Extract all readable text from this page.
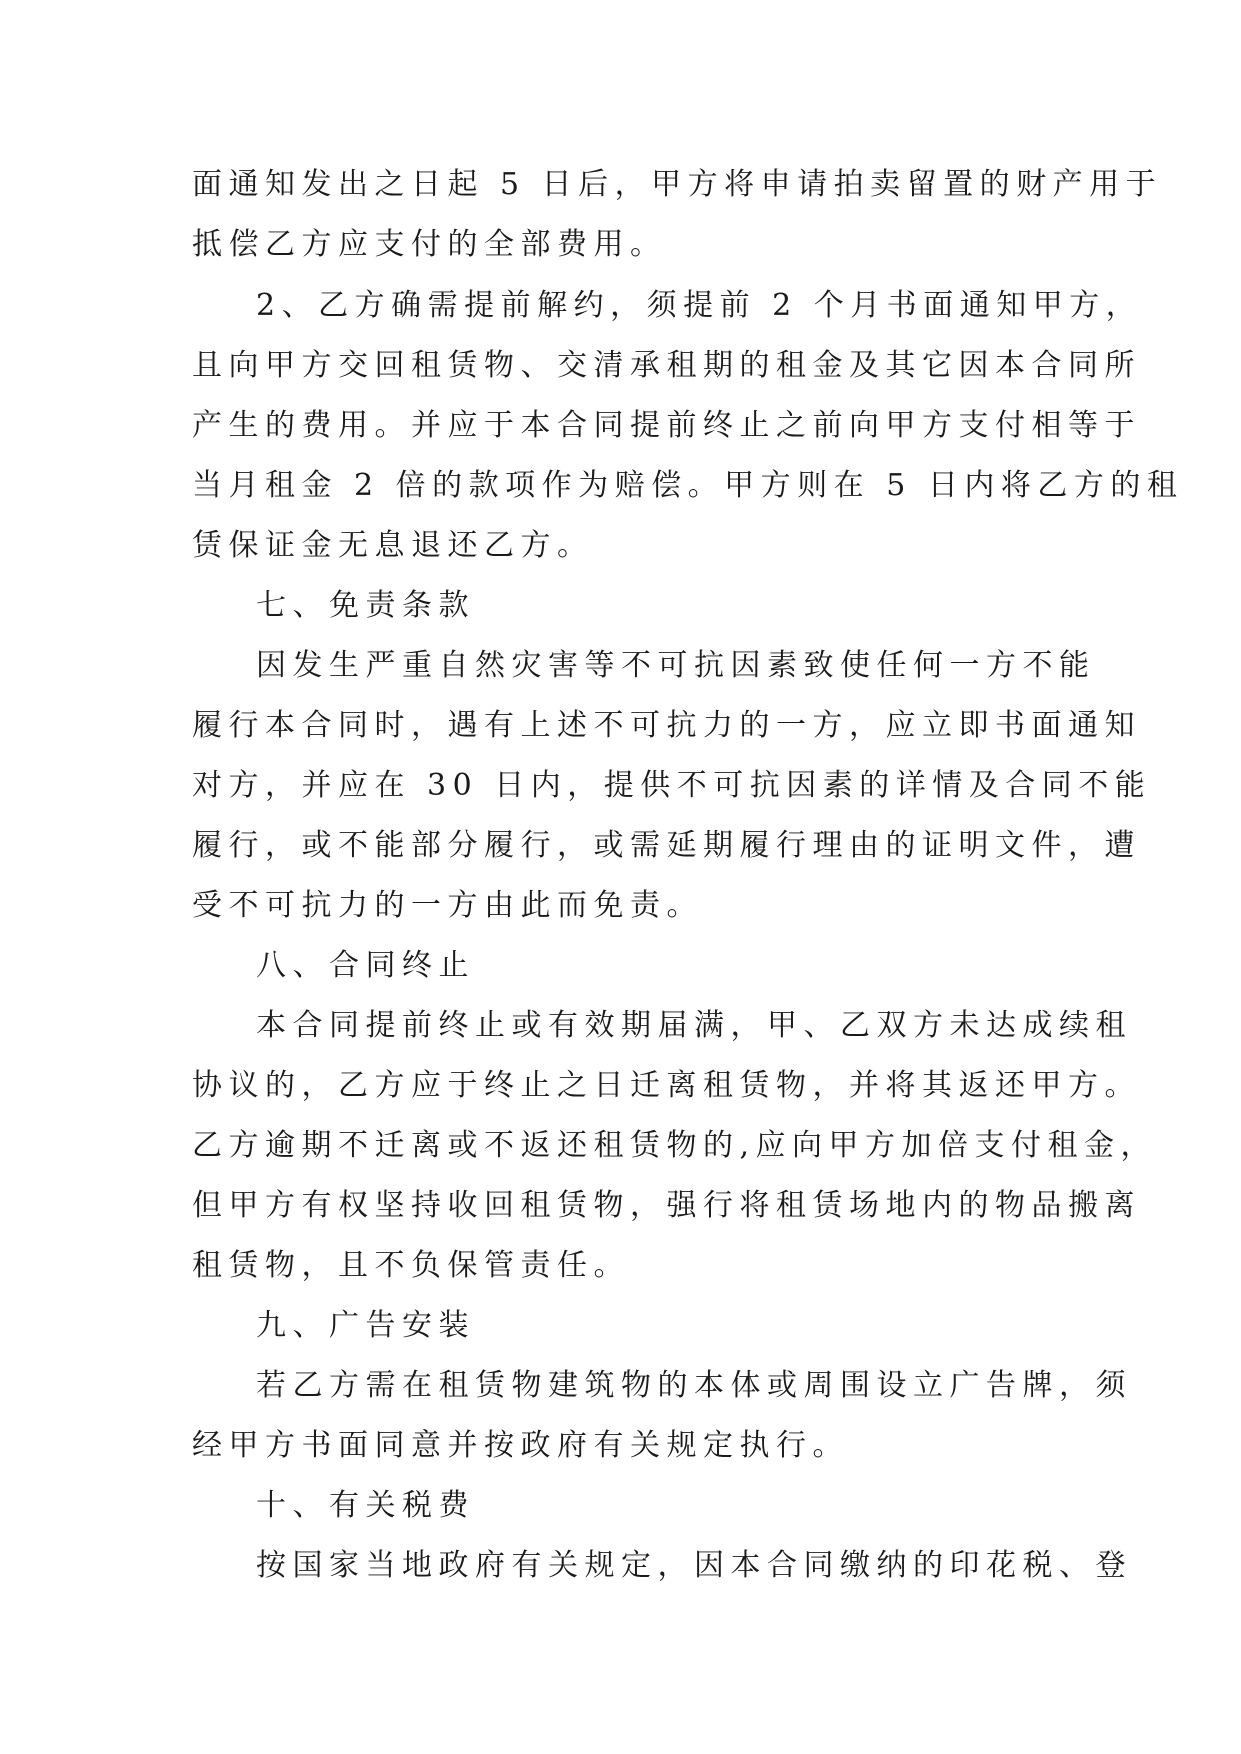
面通知发出之日起 5 日后，甲方将申请拍卖留置的财产用于
抵偿乙方应支付的全部费用。
2、乙方确需提前解约，须提前 2 个月书面通知甲方，
且向甲方交回租赁物、交清承租期的租金及其它因本合同所
产生的费用。并应于本合同提前终止之前向甲方支付相等于
当月租金 2 倍的款项作为赔偿。甲方则在 5 日内将乙方的租
赁保证金无息退还乙方。
七、免责条款
因发生严重自然灾害等不可抗因素致使任何一方不能
履行本合同时，遇有上述不可抗力的一方，应立即书面通知
对方，并应在 30 日内，提供不可抗因素的详情及合同不能
履行，或不能部分履行，或需延期履行理由的证明文件，遭
受不可抗力的一方由此而免责。
八、合同终止
本合同提前终止或有效期届满，甲、乙双方未达成续租
协议的，乙方应于终止之日迁离租赁物，并将其返还甲方。
乙方逾期不迁离或不返还租赁物的,应向甲方加倍支付租金，
但甲方有权坚持收回租赁物，强行将租赁场地内的物品搬离
租赁物，且不负保管责任。
九、广告安装
若乙方需在租赁物建筑物的本体或周围设立广告牌，须
经甲方书面同意并按政府有关规定执行。
十、有关税费
按国家当地政府有关规定，因本合同缴纳的印花税、登
